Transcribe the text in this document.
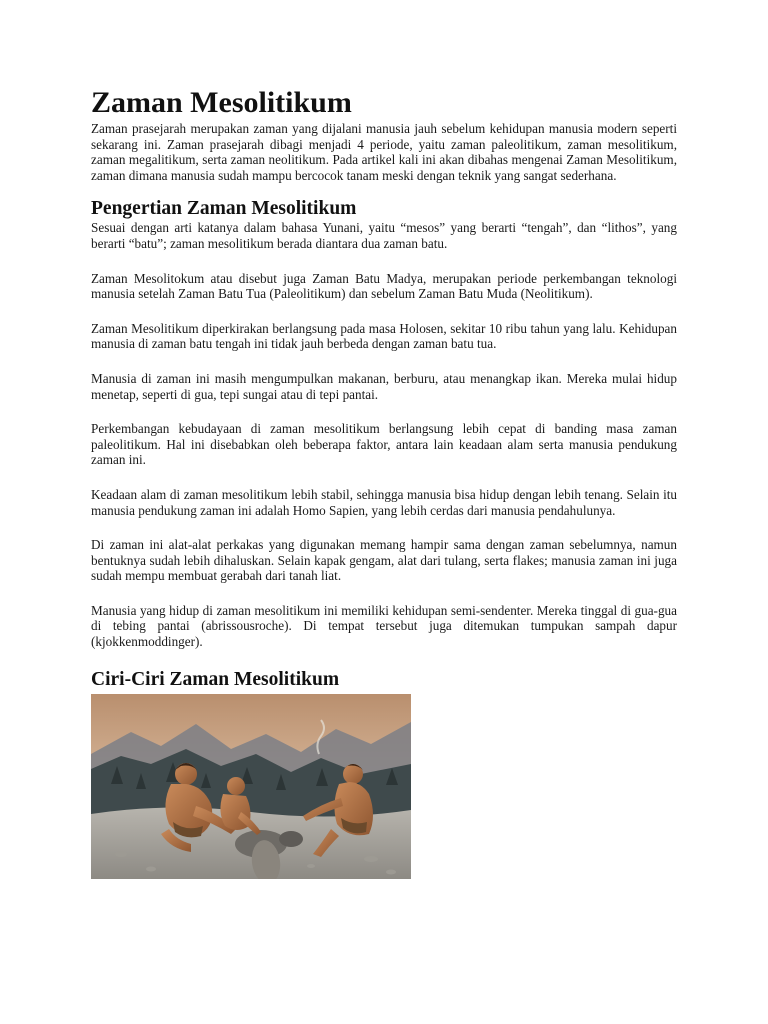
Zaman Mesolitikum

Zaman prasejarah merupakan zaman yang dijalani manusia jauh sebelum kehidupan manusia modern seperti sekarang ini. Zaman prasejarah dibagi menjadi 4 periode, yaitu zaman paleolitikum, zaman mesolitikum, zaman megalitikum, serta zaman neolitikum. Pada artikel kali ini akan dibahas mengenai Zaman Mesolitikum, zaman dimana manusia sudah mampu bercocok tanam meski dengan teknik yang sangat sederhana.

Pengertian Zaman Mesolitikum

Sesuai dengan arti katanya dalam bahasa Yunani, yaitu “mesos” yang berarti “tengah”, dan “lithos”, yang berarti “batu”; zaman mesolitikum berada diantara dua zaman batu.

Zaman Mesolitokum atau disebut juga Zaman Batu Madya, merupakan periode perkembangan teknologi manusia setelah Zaman Batu Tua (Paleolitikum) dan sebelum Zaman Batu Muda (Neolitikum).

Zaman Mesolitikum diperkirakan berlangsung pada masa Holosen, sekitar 10 ribu tahun yang lalu. Kehidupan manusia di zaman batu tengah ini tidak jauh berbeda dengan zaman batu tua.

Manusia di zaman ini masih mengumpulkan makanan, berburu, atau menangkap ikan. Mereka mulai hidup menetap, seperti di gua, tepi sungai atau di tepi pantai.

Perkembangan kebudayaan di zaman mesolitikum berlangsung lebih cepat di banding masa zaman paleolitikum. Hal ini disebabkan oleh beberapa faktor, antara lain keadaan alam serta manusia pendukung zaman ini.

Keadaan alam di zaman mesolitikum lebih stabil, sehingga manusia bisa hidup dengan lebih tenang. Selain itu manusia pendukung zaman ini adalah Homo Sapien, yang lebih cerdas dari manusia pendahulunya.

Di zaman ini alat-alat perkakas yang digunakan memang hampir sama dengan zaman sebelumnya, namun bentuknya sudah lebih dihaluskan. Selain kapak gengam, alat dari tulang, serta flakes; manusia zaman ini juga sudah mempu membuat gerabah dari tanah liat.

Manusia yang hidup di zaman mesolitikum ini memiliki kehidupan semi-sendenter. Mereka tinggal di gua-gua di tebing pantai (abrissousroche). Di tempat tersebut juga ditemukan tumpukan sampah dapur (kjokkenmoddinger).

Ciri-Ciri Zaman Mesolitikum
